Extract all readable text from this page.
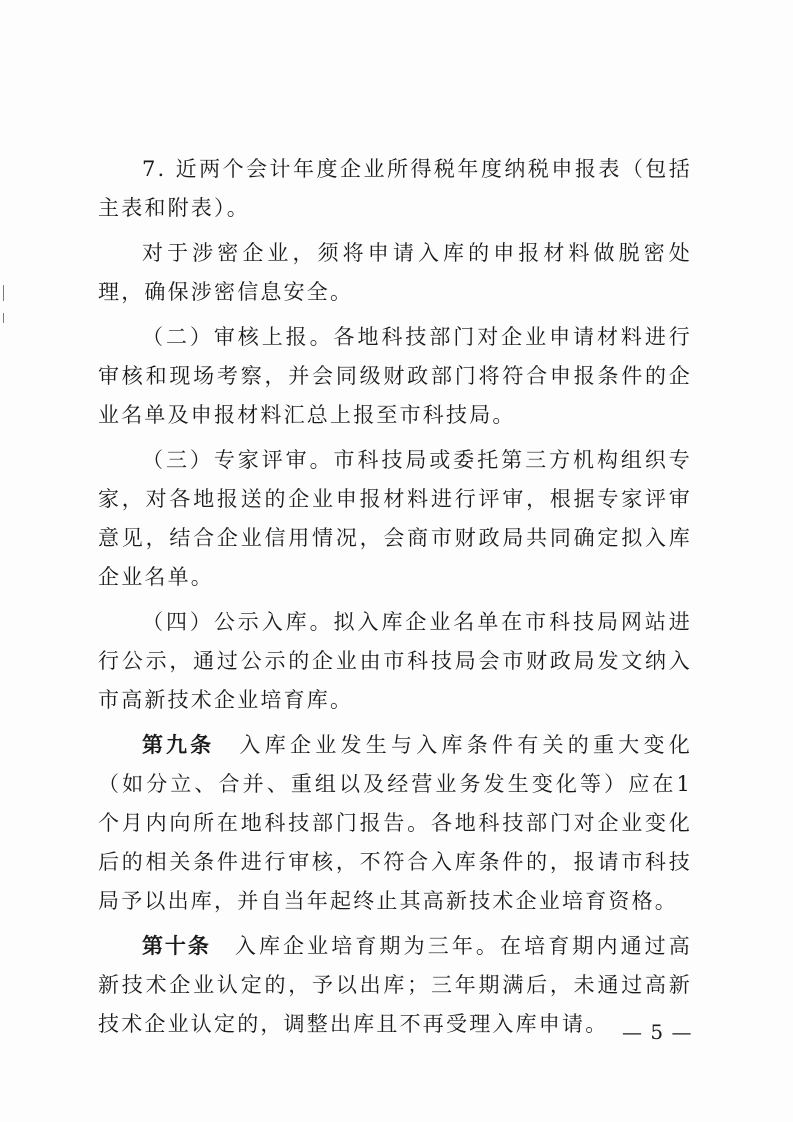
7. 近两个会计年度企业所得税年度纳税申报表（包括主表和附表）。

对于涉密企业，须将申请入库的申报材料做脱密处理，确保涉密信息安全。

（二）审核上报。各地科技部门对企业申请材料进行审核和现场考察，并会同级财政部门将符合申报条件的企业名单及申报材料汇总上报至市科技局。

（三）专家评审。市科技局或委托第三方机构组织专家，对各地报送的企业申报材料进行评审，根据专家评审意见，结合企业信用情况，会商市财政局共同确定拟入库企业名单。

（四）公示入库。拟入库企业名单在市科技局网站进行公示，通过公示的企业由市科技局会市财政局发文纳入市高新技术企业培育库。

第九条  入库企业发生与入库条件有关的重大变化（如分立、合并、重组以及经营业务发生变化等）应在1个月内向所在地科技部门报告。各地科技部门对企业变化后的相关条件进行审核，不符合入库条件的，报请市科技局予以出库，并自当年起终止其高新技术企业培育资格。

第十条  入库企业培育期为三年。在培育期内通过高新技术企业认定的，予以出库；三年期满后，未通过高新技术企业认定的，调整出库且不再受理入库申请。 — 5 —
